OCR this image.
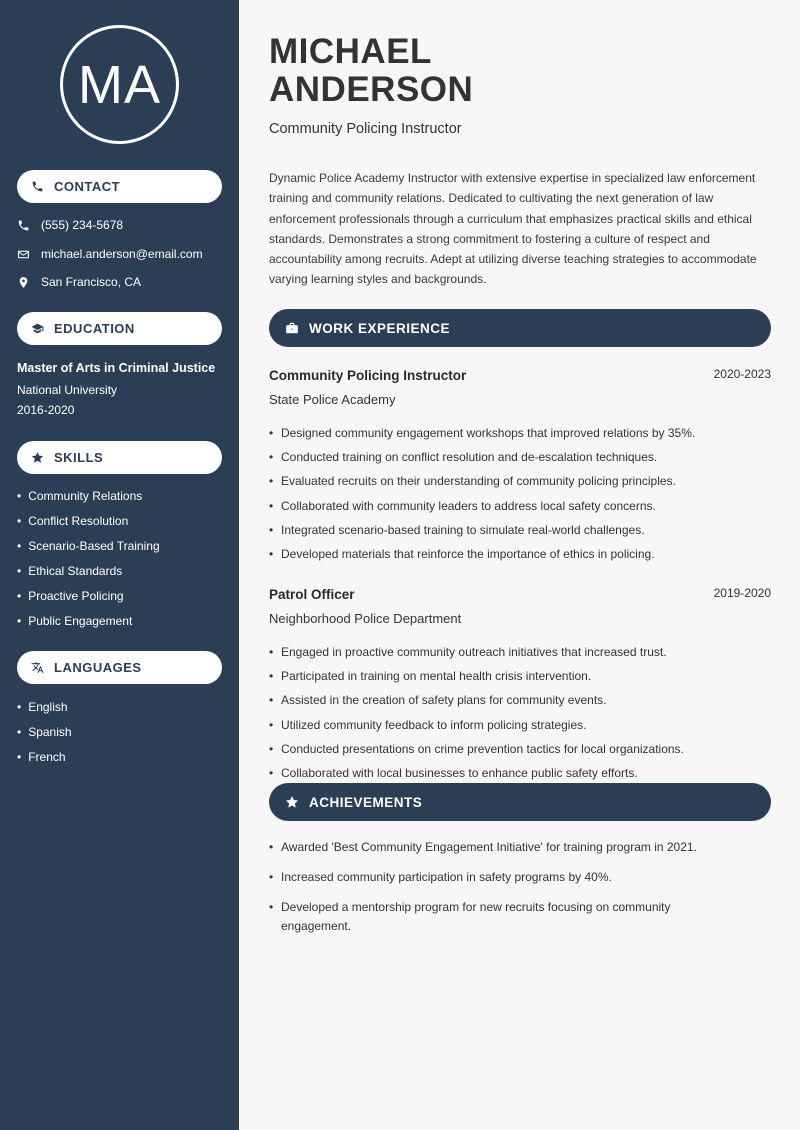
MA
CONTACT
(555) 234-5678
michael.anderson@email.com
San Francisco, CA
EDUCATION
Master of Arts in Criminal Justice
National University
2016-2020
SKILLS
• Community Relations
• Conflict Resolution
• Scenario-Based Training
• Ethical Standards
• Proactive Policing
• Public Engagement
LANGUAGES
• English
• Spanish
• French
MICHAEL
ANDERSON
Community Policing Instructor
Dynamic Police Academy Instructor with extensive expertise in specialized law enforcement training and community relations. Dedicated to cultivating the next generation of law enforcement professionals through a curriculum that emphasizes practical skills and ethical standards. Demonstrates a strong commitment to fostering a culture of respect and accountability among recruits. Adept at utilizing diverse teaching strategies to accommodate varying learning styles and backgrounds.
WORK EXPERIENCE
Community Policing Instructor	2020-2023
State Police Academy
• Designed community engagement workshops that improved relations by 35%.
• Conducted training on conflict resolution and de-escalation techniques.
• Evaluated recruits on their understanding of community policing principles.
• Collaborated with community leaders to address local safety concerns.
• Integrated scenario-based training to simulate real-world challenges.
• Developed materials that reinforce the importance of ethics in policing.
Patrol Officer	2019-2020
Neighborhood Police Department
• Engaged in proactive community outreach initiatives that increased trust.
• Participated in training on mental health crisis intervention.
• Assisted in the creation of safety plans for community events.
• Utilized community feedback to inform policing strategies.
• Conducted presentations on crime prevention tactics for local organizations.
• Collaborated with local businesses to enhance public safety efforts.
ACHIEVEMENTS
• Awarded 'Best Community Engagement Initiative' for training program in 2021.
• Increased community participation in safety programs by 40%.
• Developed a mentorship program for new recruits focusing on community engagement.
